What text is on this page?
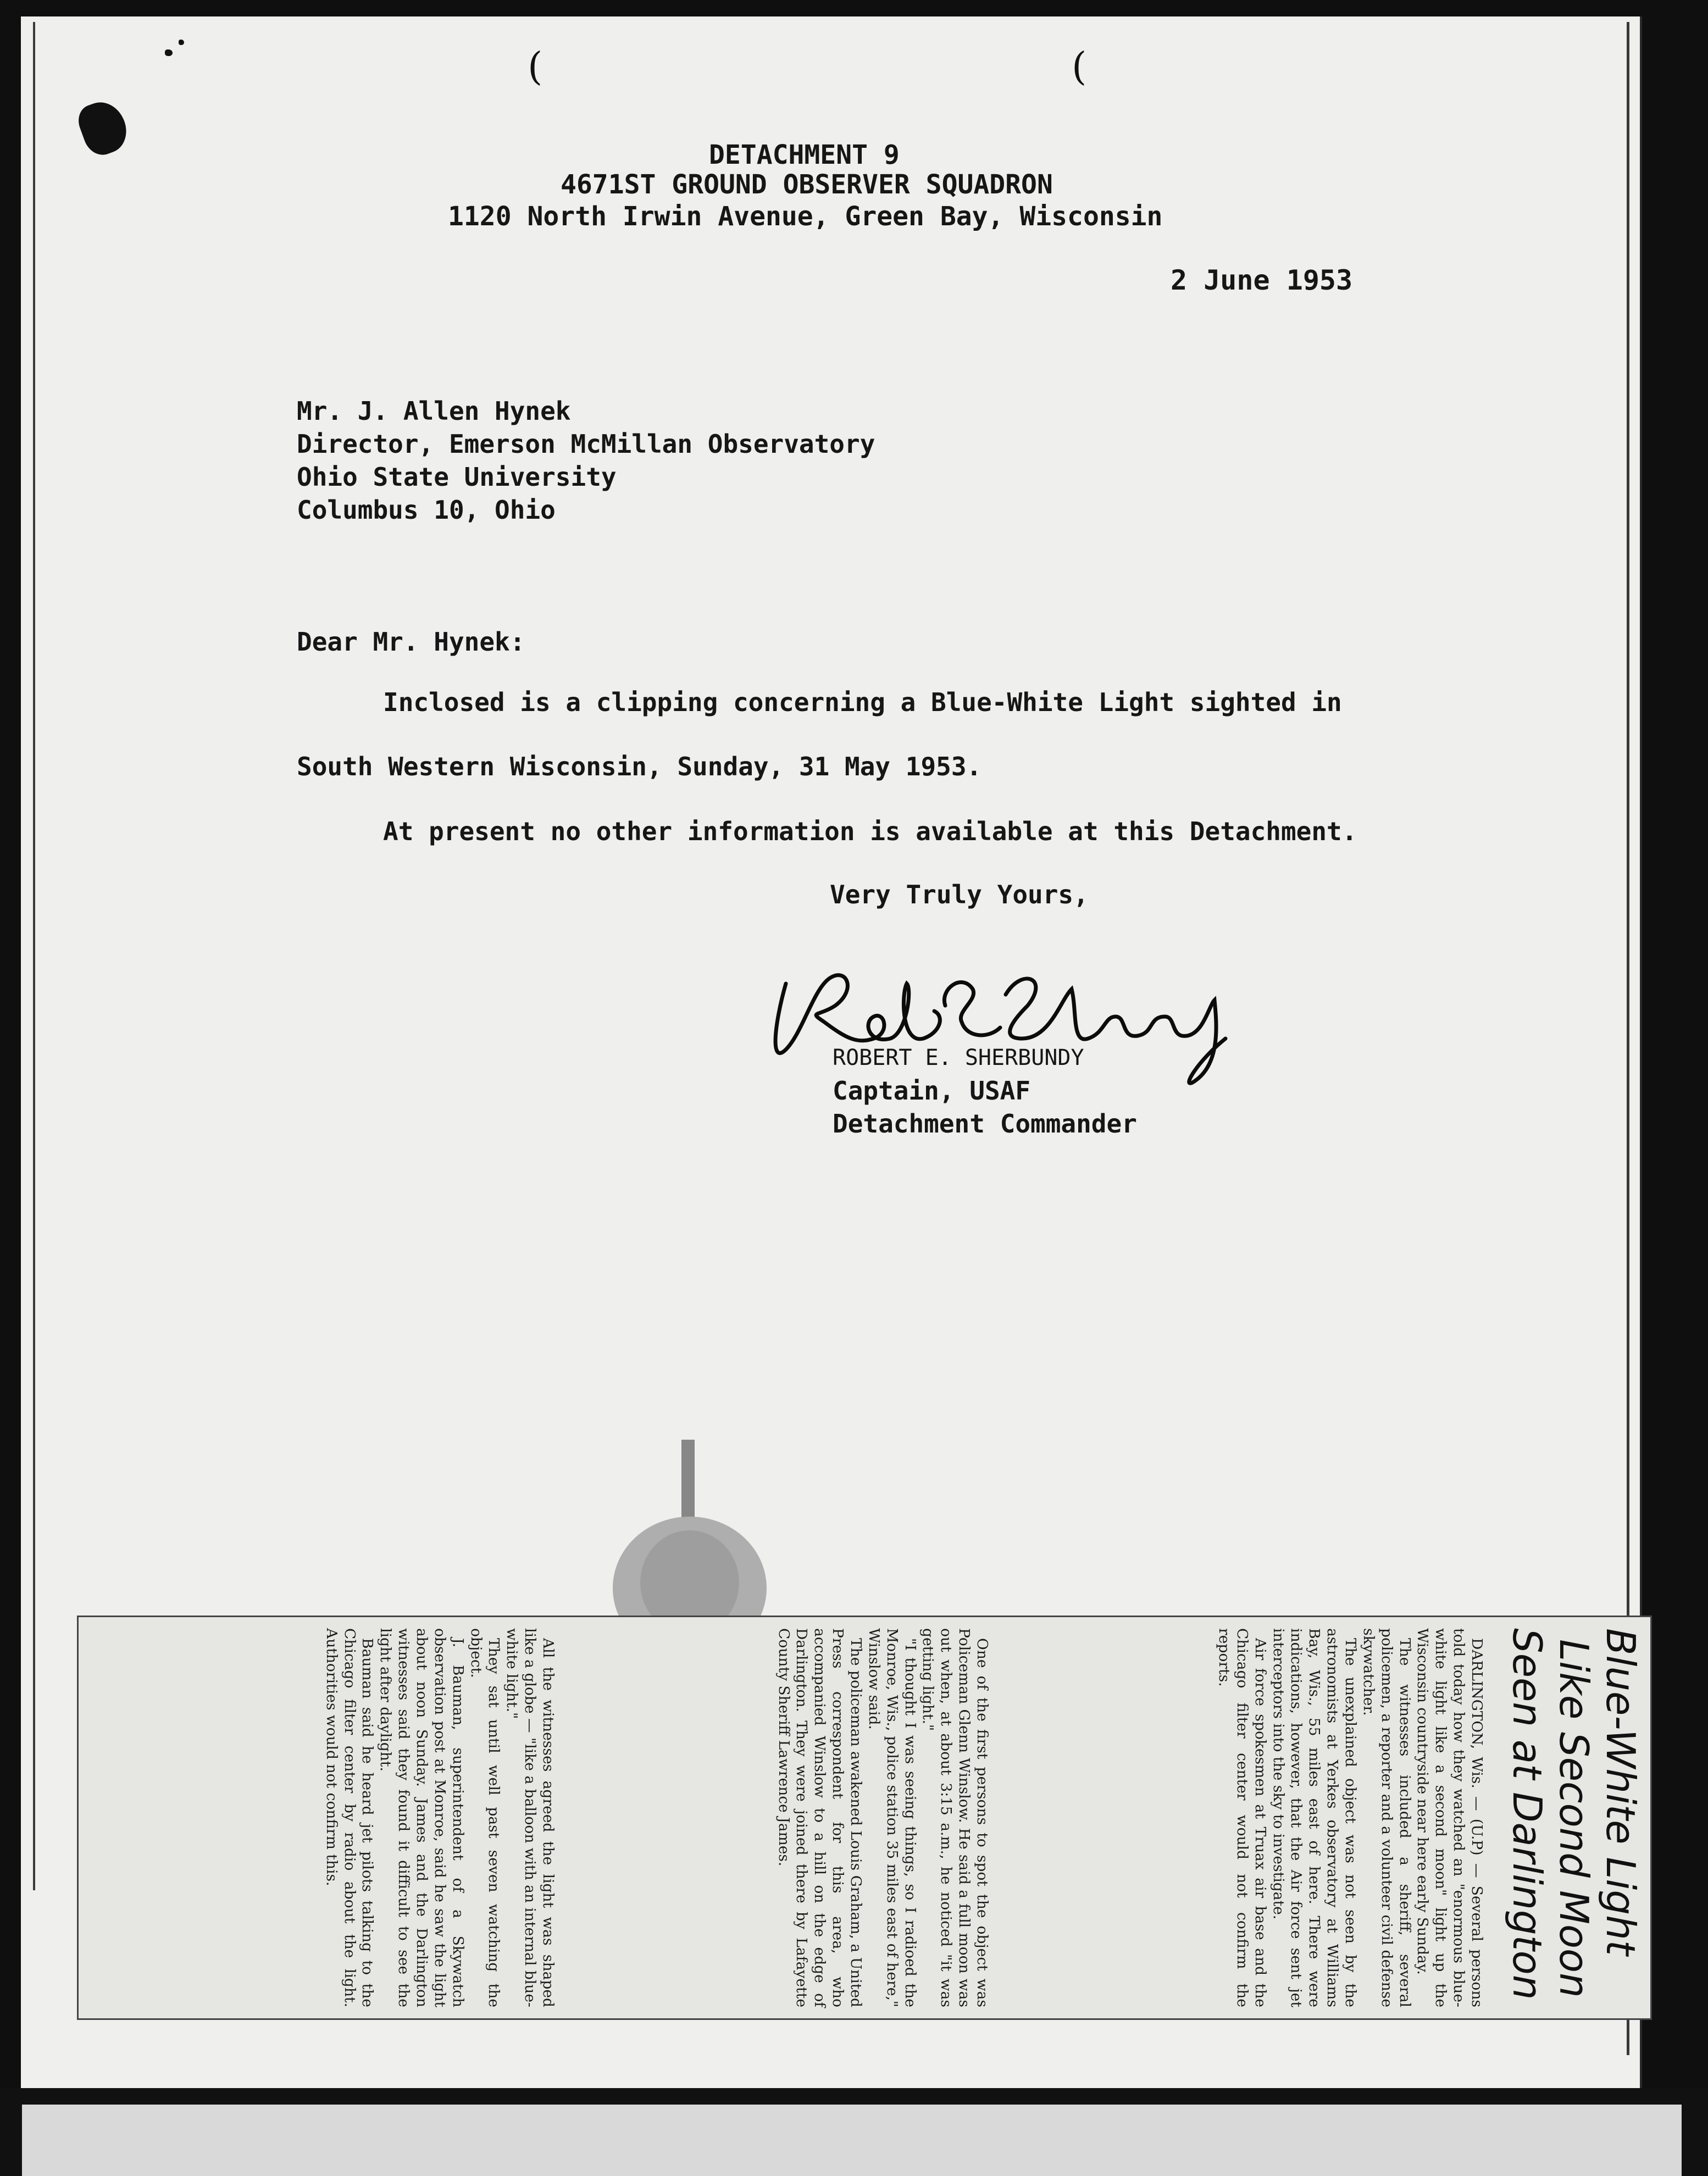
(	(
DETACHMENT 9
4671ST GROUND OBSERVER SQUADRON
1120 North Irwin Avenue, Green Bay, Wisconsin
2 June 1953
Mr. J. Allen Hynek
Director, Emerson McMillan Observatory
Ohio State University
Columbus 10, Ohio
Dear Mr. Hynek:
Inclosed is a clipping concerning a Blue-White Light sighted in
South Western Wisconsin, Sunday, 31 May 1953.
At present no other information is available at this Detachment.
Very Truly Yours,
ROBERT E. SHERBUNDY
Captain, USAF
Detachment Commander
Blue-White Light
Like Second Moon
Seen at Darlington

DARLINGTON, Wis. — (U.P) — Several persons told today how they watched an "enormous blue-white light like a second moon" light up the Wisconsin countryside near here early Sunday.

The witnesses included a sheriff, several policemen, a reporter and a volunteer civil defense skywatcher.

The unexplained object was not seen by the astronomists at Yerkes observatory at Williams Bay, Wis., 55 miles east of here. There were indications, however, that the Air force sent jet interceptors into the sky to investigate.

Air force spokesmen at Truax air base and the Chicago filter center would not confirm the reports.

One of the first persons to spot the object was Policeman Glenn Winslow. He said a full moon was out when, at about 3:15 a.m., he noticed "it was getting light."

"I thought I was seeing things, so I radioed the Monroe, Wis., police station 35 miles east of here," Winslow said.

The policeman awakened Louis Graham, a United Press correspondent for this area, who accompanied Winslow to a hill on the edge of Darlington. They were joined there by Lafayette County Sheriff Lawrence James.

All the witnesses agreed the light was shaped like a globe — "like a balloon with an internal blue-white light."

They sat until well past seven watching the object.

J. Bauman, superintendent of a Skywatch observation post at Monroe, said he saw the light about noon Sunday. James and the Darlington witnesses said they found it difficult to see the light after daylight.

Bauman said he heard jet pilots talking to the Chicago filter center by radio about the light. Authorities would not confirm this.
